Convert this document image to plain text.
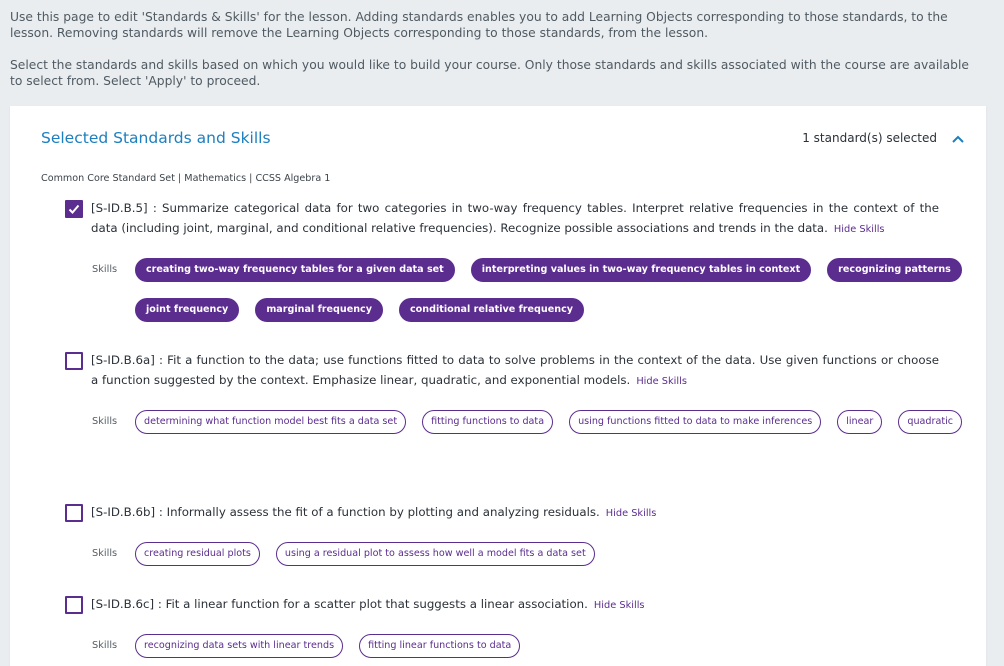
Use this page to edit 'Standards & Skills' for the lesson. Adding standards enables you to add Learning Objects corresponding to those standards, to the lesson. Removing standards will remove the Learning Objects corresponding to those standards, from the lesson.

Select the standards and skills based on which you would like to build your course. Only those standards and skills associated with the course are available to select from. Select 'Apply' to proceed.

Selected Standards and Skills	1 standard(s) selected
Common Core Standard Set | Mathematics | CCSS Algebra 1
[S-ID.B.5] : Summarize categorical data for two categories in two-way frequency tables. Interpret relative frequencies in the context of the data (including joint, marginal, and conditional relative frequencies). Recognize possible associations and trends in the data. Hide Skills
Skills	creating two-way frequency tables for a given data set	interpreting values in two-way frequency tables in context	recognizing patterns
joint frequency	marginal frequency	conditional relative frequency
[S-ID.B.6a] : Fit a function to the data; use functions fitted to data to solve problems in the context of the data. Use given functions or choose a function suggested by the context. Emphasize linear, quadratic, and exponential models. Hide Skills
Skills	determining what function model best fits a data set	fitting functions to data	using functions fitted to data to make inferences	linear	quadratic
[S-ID.B.6b] : Informally assess the fit of a function by plotting and analyzing residuals. Hide Skills
Skills	creating residual plots	using a residual plot to assess how well a model fits a data set
[S-ID.B.6c] : Fit a linear function for a scatter plot that suggests a linear association. Hide Skills
Skills	recognizing data sets with linear trends	fitting linear functions to data
